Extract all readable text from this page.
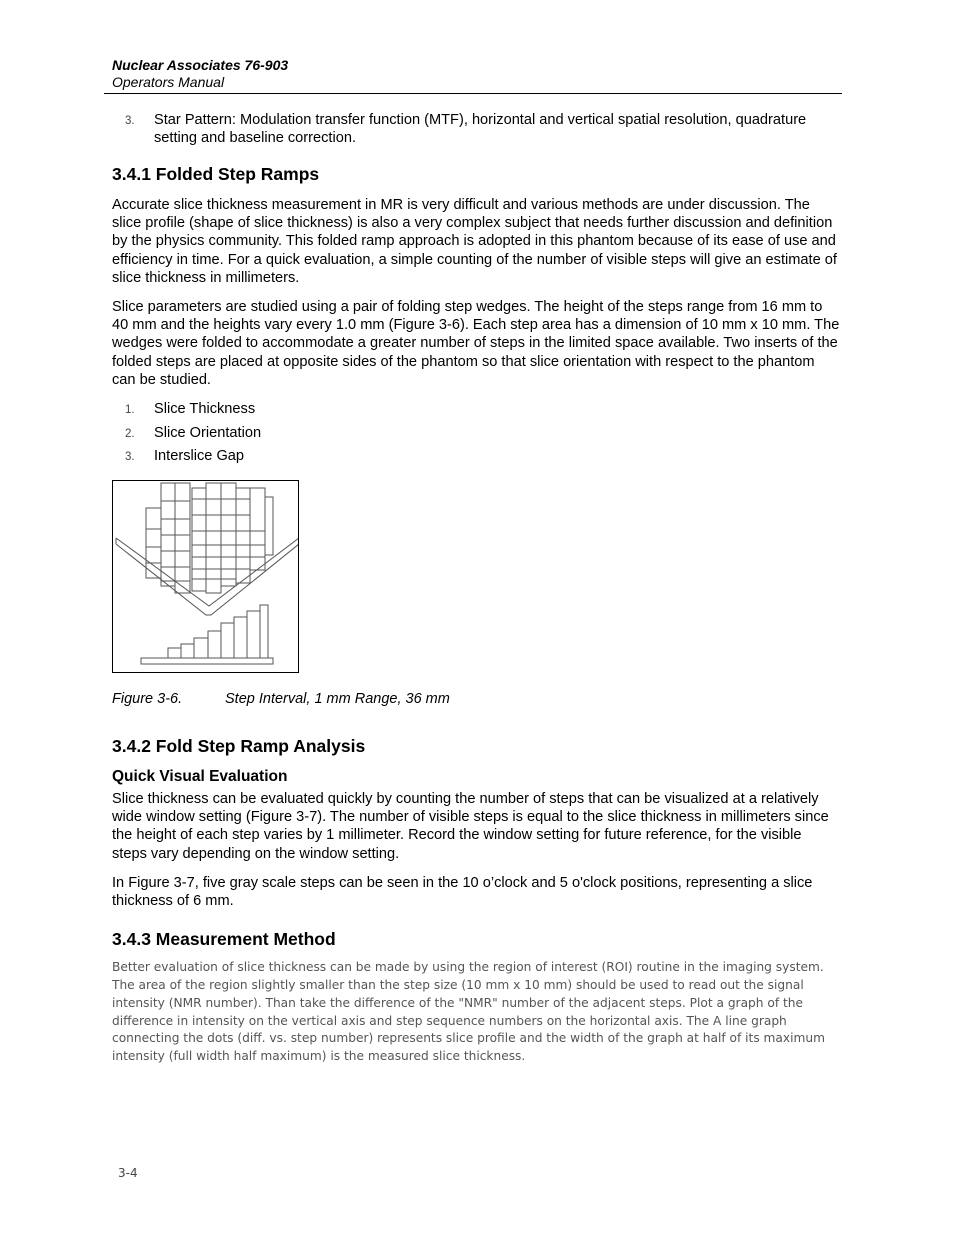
Nuclear Associates 76-903
Operators Manual
3. Star Pattern: Modulation transfer function (MTF), horizontal and vertical spatial resolution, quadrature setting and baseline correction.
3.4.1 Folded Step Ramps
Accurate slice thickness measurement in MR is very difficult and various methods are under discussion. The slice profile (shape of slice thickness) is also a very complex subject that needs further discussion and definition by the physics community. This folded ramp approach is adopted in this phantom because of its ease of use and efficiency in time. For a quick evaluation, a simple counting of the number of visible steps will give an estimate of slice thickness in millimeters.
Slice parameters are studied using a pair of folding step wedges. The height of the steps range from 16 mm to
40 mm and the heights vary every 1.0 mm (Figure 3-6). Each step area has a dimension of 10 mm x 10 mm. The wedges were folded to accommodate a greater number of steps in the limited space available. Two inserts of the folded steps are placed at opposite sides of the phantom so that slice orientation with respect to the phantom can be studied.
1. Slice Thickness
2. Slice Orientation
3. Interslice Gap
Figure 3-6.	Step Interval, 1 mm Range, 36 mm
3.4.2 Fold Step Ramp Analysis
Quick Visual Evaluation
Slice thickness can be evaluated quickly by counting the number of steps that can be visualized at a relatively wide window setting (Figure 3-7). The number of visible steps is equal to the slice thickness in millimeters since the height of each step varies by 1 millimeter. Record the window setting for future reference, for the visible steps vary depending on the window setting.
In Figure 3-7, five gray scale steps can be seen in the 10 o’clock and 5 o'clock positions, representing a slice thickness of 6 mm.
3.4.3 Measurement Method
Better evaluation of slice thickness can be made by using the region of interest (ROI) routine in the imaging system. The area of the region slightly smaller than the step size (10 mm x 10 mm) should be used to read out the signal intensity (NMR number). Than take the difference of the "NMR" number of the adjacent steps. Plot a graph of the difference in intensity on the vertical axis and step sequence numbers on the horizontal axis. The A line graph connecting the dots (diff. vs. step number) represents slice profile and the width of the graph at half of its maximum intensity (full width half maximum) is the measured slice thickness.
3-4
